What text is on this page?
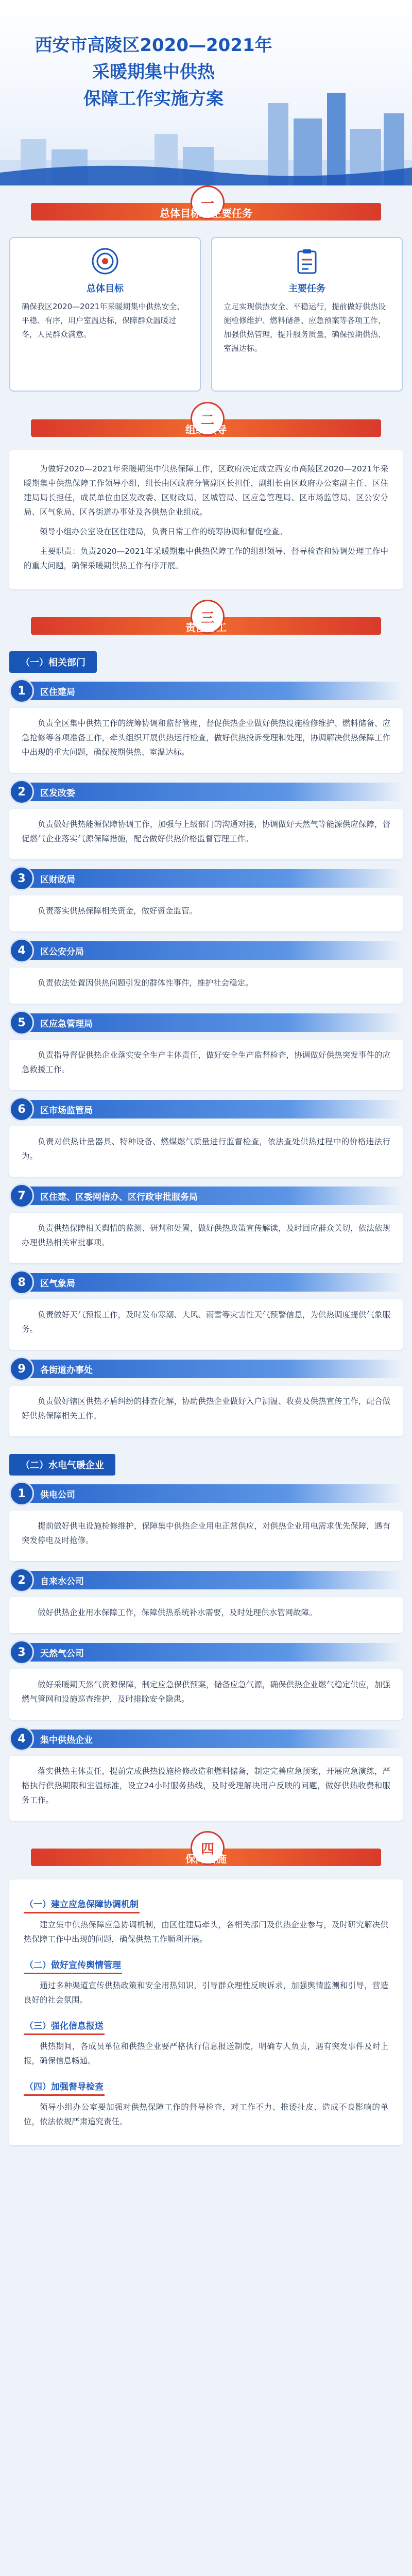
西安市高陵区2020—2021年采暖期集中供热
保障工作实施方案
一
总体目标和主要任务
总体目标
确保我区2020—2021年采暖期集中供热安全、平稳、有序，用户室温达标，保障群众温暖过冬，人民群众满意。
主要任务
立足实现供热安全、平稳运行，提前做好供热设施检修维护、燃料储备、应急预案等各项工作，加强供热管理，提升服务质量，确保按期供热、室温达标。
二
组织领导

为做好2020—2021年采暖期集中供热保障工作，区政府决定成立西安市高陵区2020—2021年采暖期集中供热保障工作领导小组，组长由区政府分管副区长担任，副组长由区政府办公室副主任、区住建局局长担任，成员单位由区发改委、区财政局、区城管局、区应急管理局、区市场监管局、区公安分局、区气象局、区各街道办事处及各供热企业组成。

领导小组办公室设在区住建局，负责日常工作的统筹协调和督促检查。

主要职责：负责2020—2021年采暖期集中供热保障工作的组织领导、督导检查和协调处理工作中的重大问题，确保采暖期供热工作有序开展。

三
责任分工
（一）相关部门
1	区住建局

负责全区集中供热工作的统筹协调和监督管理，督促供热企业做好供热设施检修维护、燃料储备、应急抢修等各项准备工作，牵头组织开展供热运行检查，做好供热投诉受理和处理，协调解决供热保障工作中出现的重大问题，确保按期供热、室温达标。

2	区发改委

负责做好供热能源保障协调工作，加强与上级部门的沟通对接，协调做好天然气等能源供应保障，督促燃气企业落实气源保障措施，配合做好供热价格监督管理工作。

3	区财政局

负责落实供热保障相关资金，做好资金监管。

4	区公安分局

负责依法处置因供热问题引发的群体性事件，维护社会稳定。

5	区应急管理局

负责指导督促供热企业落实安全生产主体责任，做好安全生产监督检查，协调做好供热突发事件的应急救援工作。

6	区市场监管局

负责对供热计量器具、特种设备、燃煤燃气质量进行监督检查，依法查处供热过程中的价格违法行为。

7	区住建、区委网信办、区行政审批服务局

负责供热保障相关舆情的监测、研判和处置，做好供热政策宣传解读，及时回应群众关切，依法依规办理供热相关审批事项。

8	区气象局

负责做好天气预报工作，及时发布寒潮、大风、雨雪等灾害性天气预警信息，为供热调度提供气象服务。

9	各街道办事处

负责做好辖区供热矛盾纠纷的排查化解，协助供热企业做好入户测温、收费及供热宣传工作，配合做好供热保障相关工作。

（二）水电气暖企业
1	供电公司

提前做好供电设施检修维护，保障集中供热企业用电正常供应，对供热企业用电需求优先保障，遇有突发停电及时抢修。

2	自来水公司

做好供热企业用水保障工作，保障供热系统补水需要，及时处理供水管网故障。

3	天然气公司

做好采暖期天然气资源保障，制定应急保供预案，储备应急气源，确保供热企业燃气稳定供应，加强燃气管网和设施巡查维护，及时排除安全隐患。

4	集中供热企业

落实供热主体责任，提前完成供热设施检修改造和燃料储备，制定完善应急预案，开展应急演练，严格执行供热期限和室温标准，设立24小时服务热线，及时受理解决用户反映的问题，做好供热收费和服务工作。

四
保障措施
（一）建立应急保障协调机制

建立集中供热保障应急协调机制，由区住建局牵头，各相关部门及供热企业参与，及时研究解决供热保障工作中出现的问题，确保供热工作顺利开展。

（二）做好宣传舆情管理

通过多种渠道宣传供热政策和安全用热知识，引导群众理性反映诉求，加强舆情监测和引导，营造良好的社会氛围。

（三）强化信息报送

供热期间，各成员单位和供热企业要严格执行信息报送制度，明确专人负责，遇有突发事件及时上报，确保信息畅通。

（四）加强督导检查

领导小组办公室要加强对供热保障工作的督导检查，对工作不力、推诿扯皮、造成不良影响的单位，依法依规严肃追究责任。
